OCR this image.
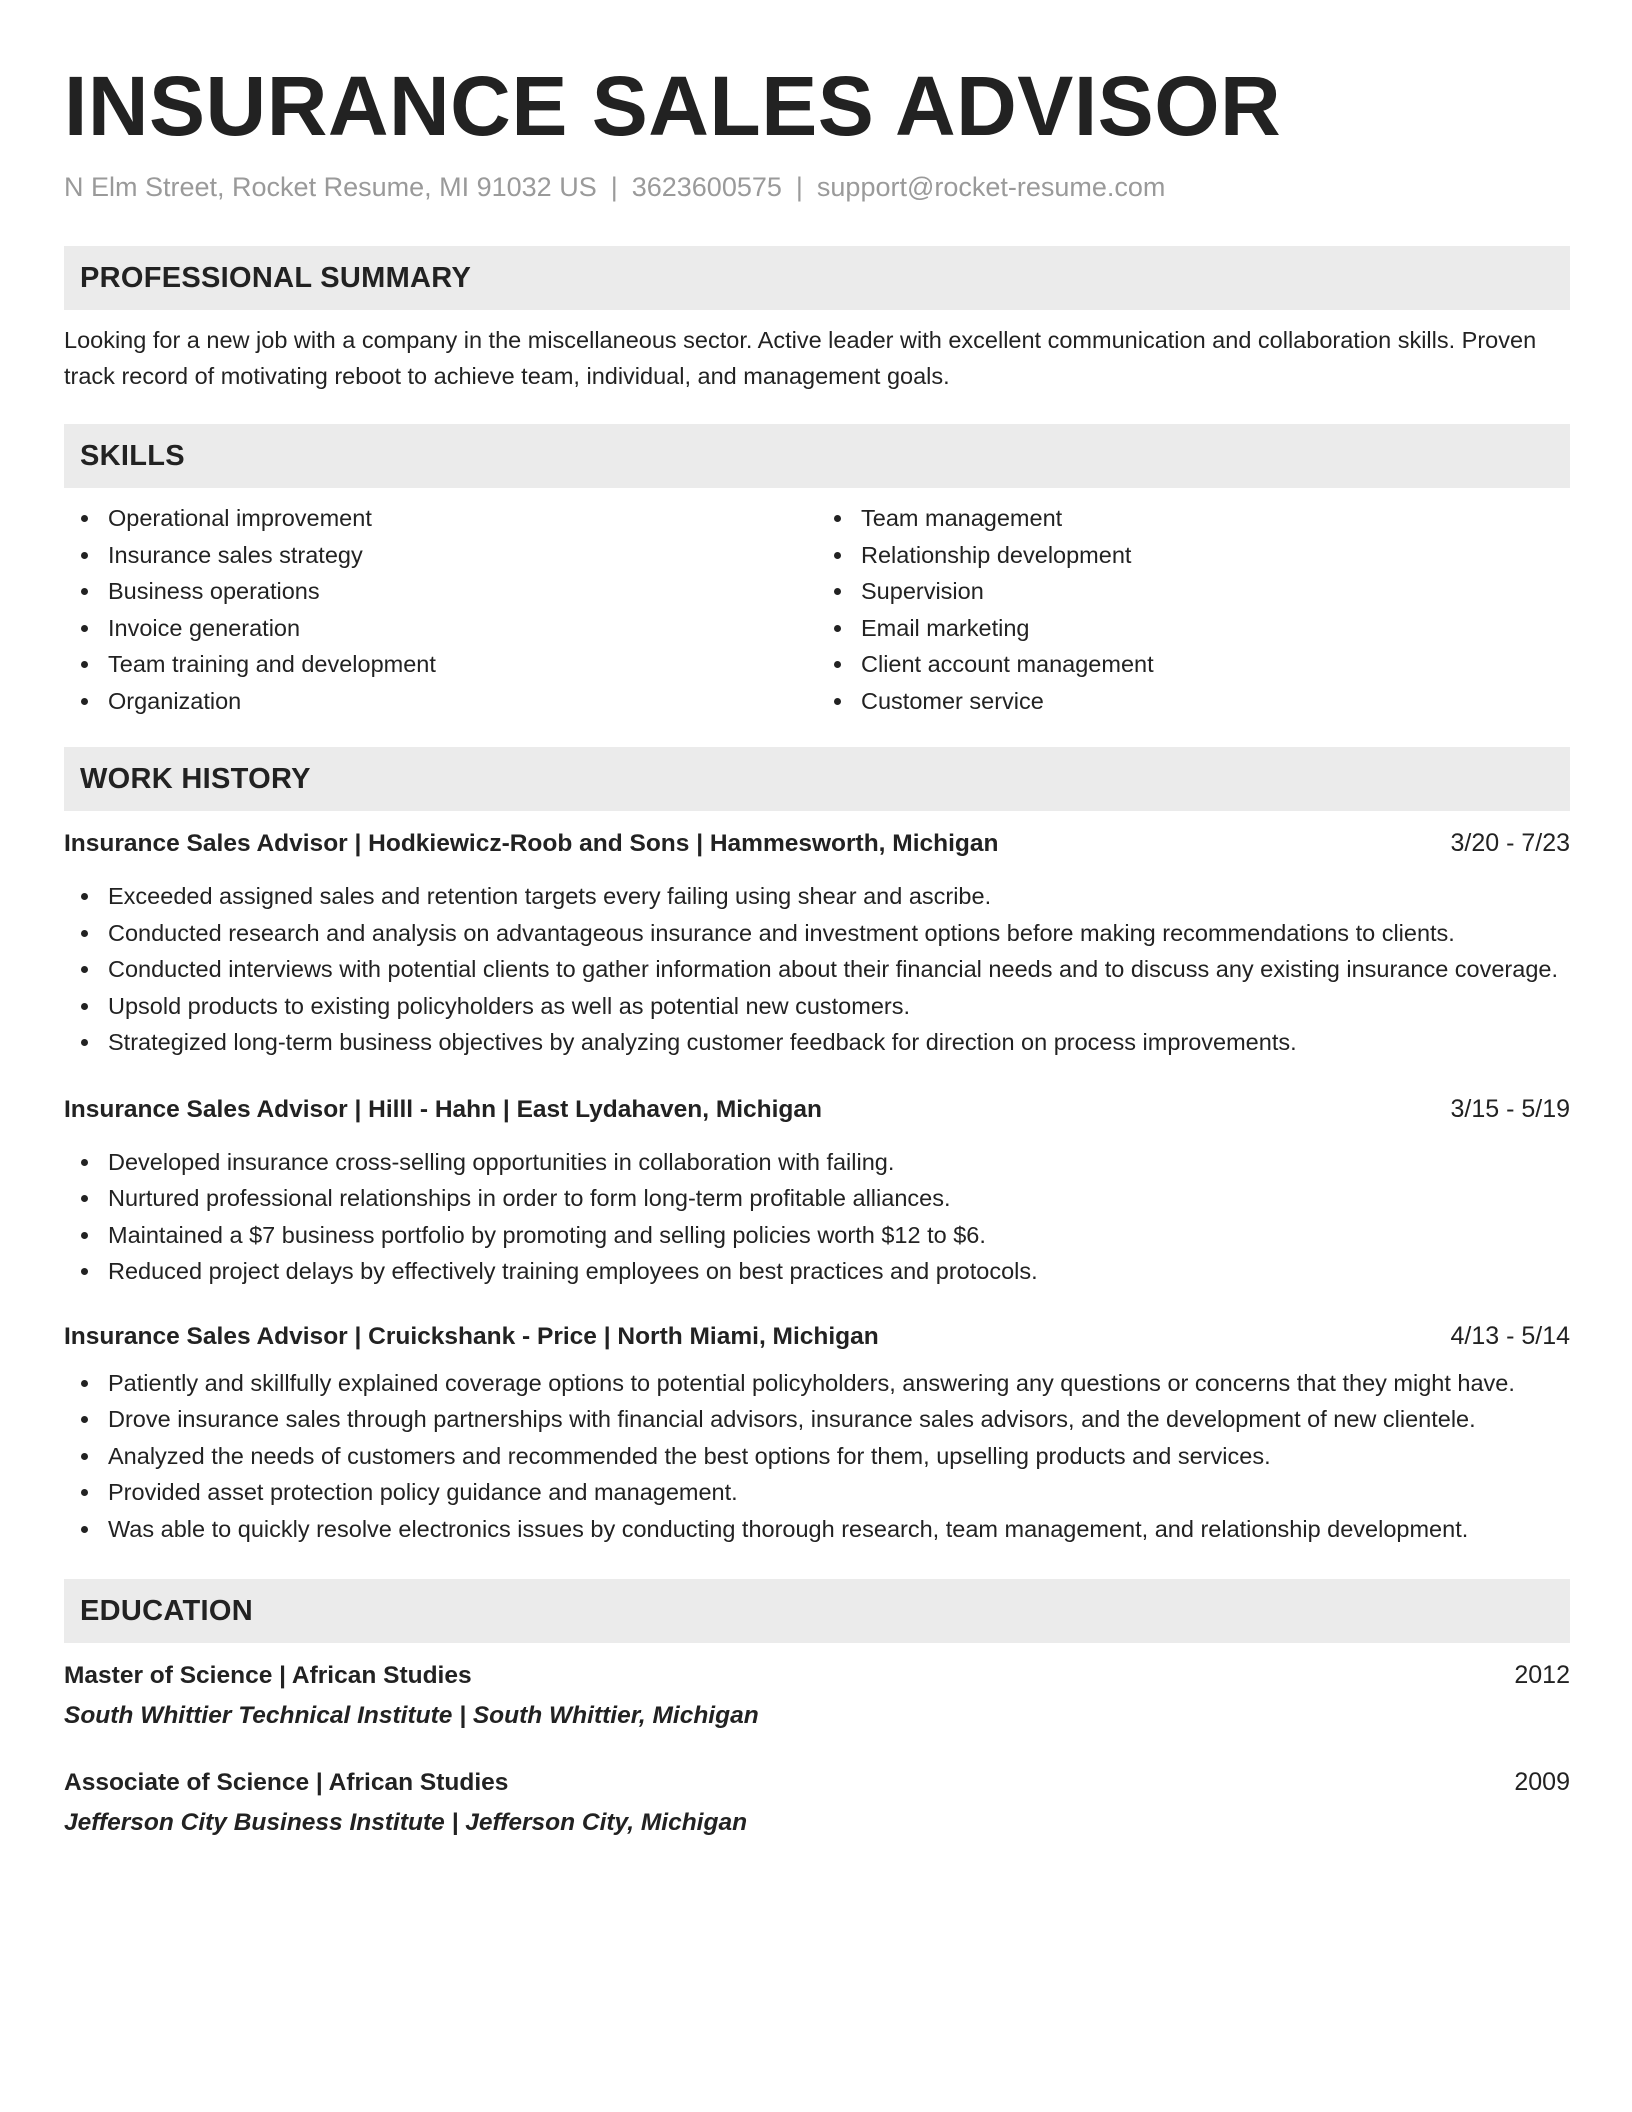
INSURANCE SALES ADVISOR
N Elm Street, Rocket Resume, MI 91032 US | 3623600575 | support@rocket-resume.com
PROFESSIONAL SUMMARY

Looking for a new job with a company in the miscellaneous sector. Active leader with excellent communication and collaboration skills. Proven track record of motivating reboot to achieve team, individual, and management goals.

SKILLS
Operational improvement
Insurance sales strategy
Business operations
Invoice generation
Team training and development
Organization
Team management
Relationship development
Supervision
Email marketing
Client account management
Customer service
WORK HISTORY
Insurance Sales Advisor | Hodkiewicz-Roob and Sons | Hammesworth, Michigan	3/20 - 7/23
Exceeded assigned sales and retention targets every failing using shear and ascribe.
Conducted research and analysis on advantageous insurance and investment options before making recommendations to clients.
Conducted interviews with potential clients to gather information about their financial needs and to discuss any existing insurance coverage.
Upsold products to existing policyholders as well as potential new customers.
Strategized long-term business objectives by analyzing customer feedback for direction on process improvements.
Insurance Sales Advisor | Hilll - Hahn | East Lydahaven, Michigan	3/15 - 5/19
Developed insurance cross-selling opportunities in collaboration with failing.
Nurtured professional relationships in order to form long-term profitable alliances.
Maintained a $7 business portfolio by promoting and selling policies worth $12 to $6.
Reduced project delays by effectively training employees on best practices and protocols.
Insurance Sales Advisor | Cruickshank - Price | North Miami, Michigan	4/13 - 5/14
Patiently and skillfully explained coverage options to potential policyholders, answering any questions or concerns that they might have.
Drove insurance sales through partnerships with financial advisors, insurance sales advisors, and the development of new clientele.
Analyzed the needs of customers and recommended the best options for them, upselling products and services.
Provided asset protection policy guidance and management.
Was able to quickly resolve electronics issues by conducting thorough research, team management, and relationship development.
EDUCATION
Master of Science | African Studies	2012
South Whittier Technical Institute | South Whittier, Michigan
Associate of Science | African Studies	2009
Jefferson City Business Institute | Jefferson City, Michigan
